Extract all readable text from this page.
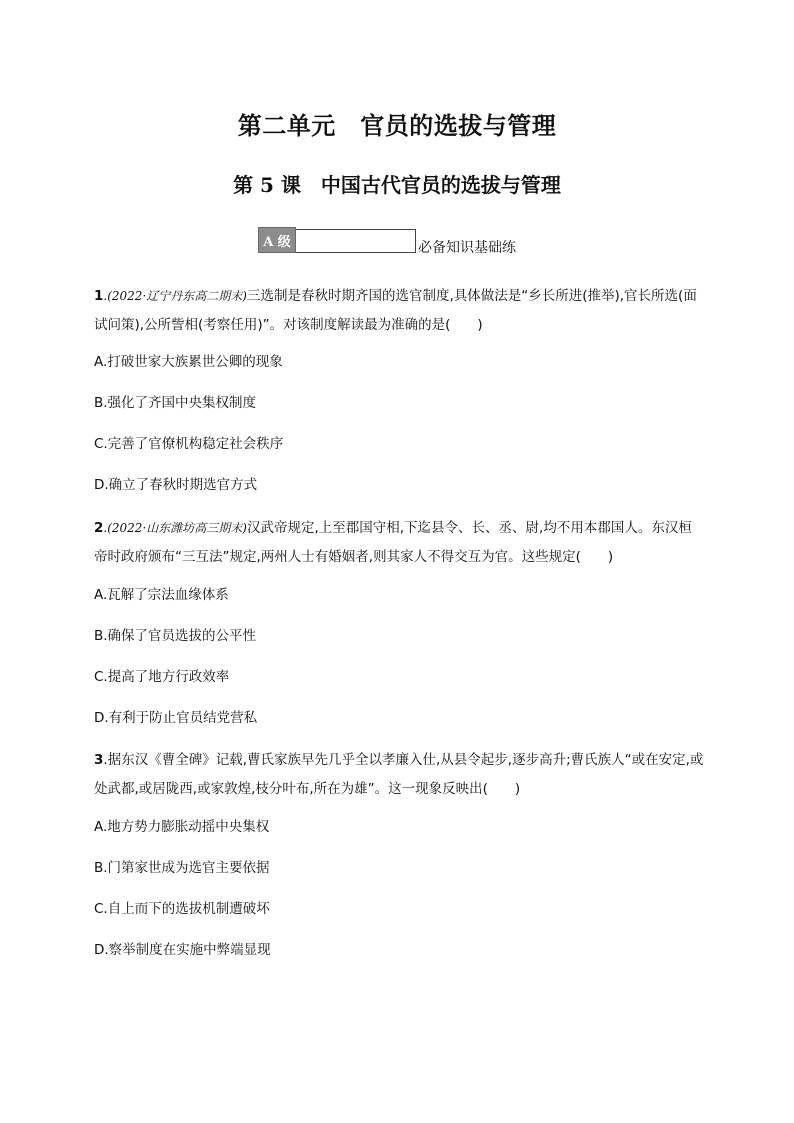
第二单元　官员的选拔与管理
第 5 课　中国古代官员的选拔与管理
A 级	必备知识基础练

1.(2022·辽宁丹东高二期末)三选制是春秋时期齐国的选官制度,具体做法是“乡长所进(推举),官长所选(面试问策),公所訾相(考察任用)”。对该制度解读最为准确的是(　　)

A.打破世家大族累世公卿的现象
B.强化了齐国中央集权制度
C.完善了官僚机构稳定社会秩序
D.确立了春秋时期选官方式

2.(2022·山东潍坊高三期末)汉武帝规定,上至郡国守相,下迄县令、长、丞、尉,均不用本郡国人。东汉桓帝时政府颁布“三互法”规定,两州人士有婚姻者,则其家人不得交互为官。这些规定(　　)

A.瓦解了宗法血缘体系
B.确保了官员选拔的公平性
C.提高了地方行政效率
D.有利于防止官员结党营私

3.据东汉《曹全碑》记载,曹氏家族早先几乎全以孝廉入仕,从县令起步,逐步高升;曹氏族人“或在安定,或处武都,或居陇西,或家敦煌,枝分叶布,所在为雄”。这一现象反映出(　　)

A.地方势力膨胀动摇中央集权
B.门第家世成为选官主要依据
C.自上而下的选拔机制遭破坏
D.察举制度在实施中弊端显现
